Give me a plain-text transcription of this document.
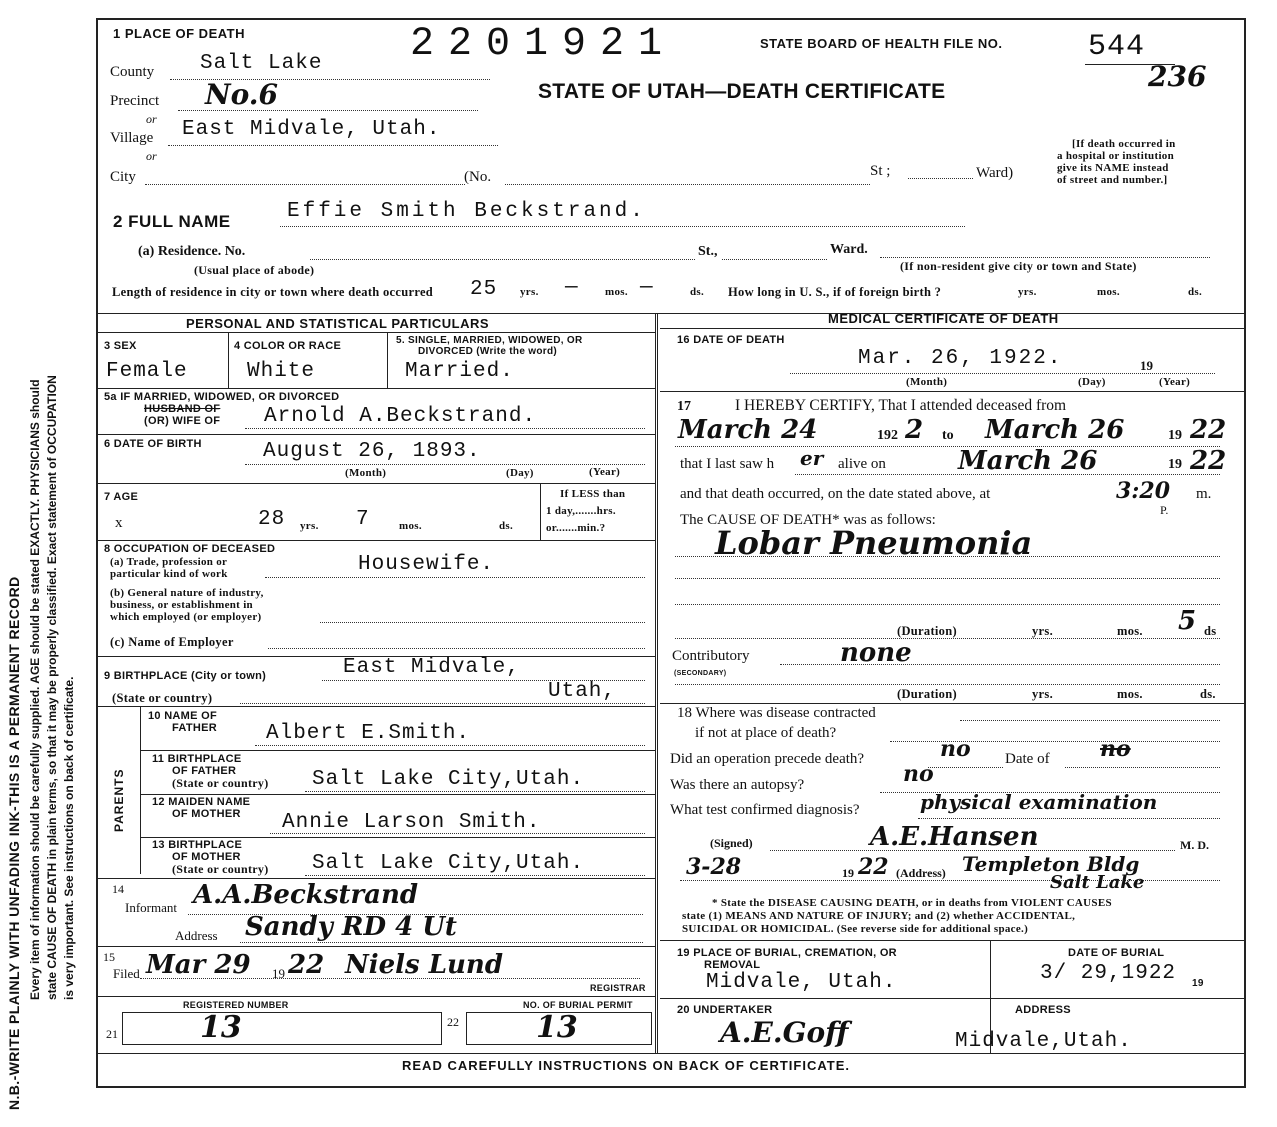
N.B.-WRITE PLAINLY WITH UNFADING INK-THIS IS A PERMANENT RECORD Every item of information should be carefully supplied. AGE should be stated EXACTLY. PHYSICIANS should state CAUSE OF DEATH in plain terms, so that it may be properly classified. Exact statement of OCCUPATION is very important. See instructions on back of certificate.
1 PLACE OF DEATH	2201921	STATE BOARD OF HEALTH FILE NO.	544
236
STATE OF UTAH—DEATH CERTIFICATE
County Salt Lake
Precinct No.6
or
Village East Midvale, Utah.
or
City	(No.	St ;	Ward)
[If death occurred in
a hospital or institution
give its NAME instead
of street and number.]
2 FULL NAME	Effie Smith Beckstrand.
(a) Residence. No.	St.,	Ward.
(Usual place of abode)	(If non-resident give city or town and State)
Length of residence in city or town where death occurred 25 yrs. — mos. —	ds. How long in U. S., if of foreign birth ?	yrs.	mos.	ds.
PERSONAL AND STATISTICAL PARTICULARS
3 SEX
Female
4 COLOR OR RACE
White
5. SINGLE, MARRIED, WIDOWED, OR
DIVORCED (Write the word)
Married.
5a IF MARRIED, WIDOWED, OR DIVORCED
HUSBAND OF
(OR) WIFE OF Arnold A.Beckstrand.
6 DATE OF BIRTH	August 26, 1893.
(Month)	(Day)	(Year)
7 AGE
x	28 yrs. 7	mos.	ds.
If LESS than
1 day,.......hrs.
or.......min.?
8 OCCUPATION OF DECEASED
(a) Trade, profession or
particular kind of work	Housewife.
(b) General nature of industry,
business, or establishment in
which employed (or employer)
(c) Name of Employer
9 BIRTHPLACE (City or town)	East Midvale,
(State or country)	Utah,
PARENTS
10 NAME OF
FATHER Albert E.Smith.
11 BIRTHPLACE
OF FATHER
(State or country) Salt Lake City,Utah.
12 MAIDEN NAME
OF MOTHER Annie Larson Smith.
13 BIRTHPLACE
OF MOTHER
(State or country) Salt Lake City,Utah.
14
Informant A.A.Beckstrand
Address Sandy RD 4 Ut
15
Filed Mar 29 19 22 Niels Lund
REGISTRAR
REGISTERED NUMBER	NO. OF BURIAL PERMIT
21	13	22	13
MEDICAL CERTIFICATE OF DEATH
16 DATE OF DEATH
Mar. 26, 1922.	19
(Month)	(Day)	(Year)
17	I HEREBY CERTIFY, That I attended deceased from
March 24	192 2 to March 26	19 22
that I last saw h er alive on	March 26	19 22
and that death occurred, on the date stated above, at	3:20 m.
P.
The CAUSE OF DEATH* was as follows:
Lobar Pneumonia
(Duration)	yrs.	mos. 5 ds
Contributory
(SECONDARY)
none
(Duration)	yrs.	mos.	ds.
18 Where was disease contracted
if not at place of death?
Did an operation precede death?	no Date of no
Was there an autopsy?	no
What test confirmed diagnosis?	physical examination
(Signed)	A.E.Hansen	M. D.
3-28	19 22 (Address) Templeton Bldg
Salt Lake
* State the DISEASE CAUSING DEATH, or in deaths from VIOLENT CAUSES
state (1) MEANS AND NATURE OF INJURY; and (2) whether ACCIDENTAL,
SUICIDAL OR HOMICIDAL. (See reverse side for additional space.)
19 PLACE OF BURIAL, CREMATION, OR
REMOVAL
Midvale, Utah.
DATE OF BURIAL
3/ 29,1922 19
20 UNDERTAKER
A.E.Goff
ADDRESS
Midvale,Utah.
READ CAREFULLY INSTRUCTIONS ON BACK OF CERTIFICATE.
